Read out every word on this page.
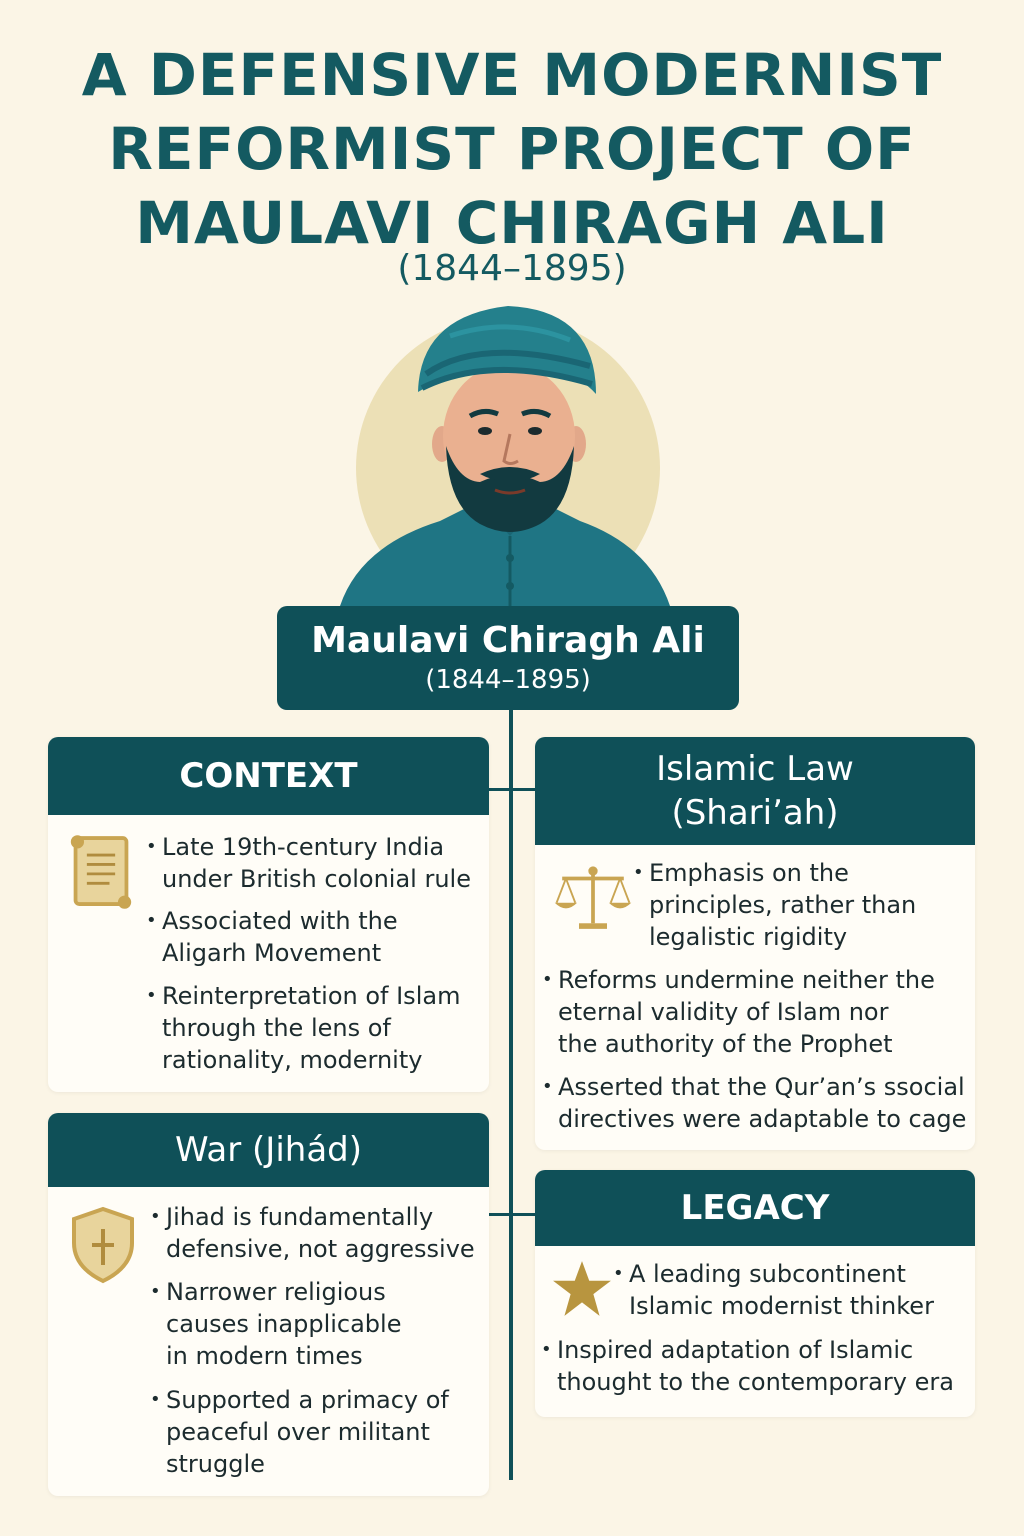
A DEFENSIVE MODERNIST
REFORMIST PROJECT OF
MAULAVI CHIRAGH ALI
(1844–1895)
Maulavi Chiragh Ali
(1844–1895)
CONTEXT
• Late 19th-century India
under British colonial rule
• Associated with the
Aligarh Movement
• Reinterpretation of Islam
through the lens of
rationality, modernity
War (Jihád)
• Jihad is fundamentally
defensive, not aggressive
• Narrower religious
causes inapplicable
in modern times
• Supported a primacy of
peaceful over militant
struggle
Islamic Law
(Shari’ah)
• Emphasis on the
principles, rather than
legalistic rigidity
• Reforms undermine neither the
eternal validity of Islam nor
the authority of the Prophet
• Asserted that the Qur’an’s ssocial
directives were adaptable to cage
LEGACY
• A leading subcontinent
Islamic modernist thinker
• Inspired adaptation of Islamic
thought to the contemporary era
